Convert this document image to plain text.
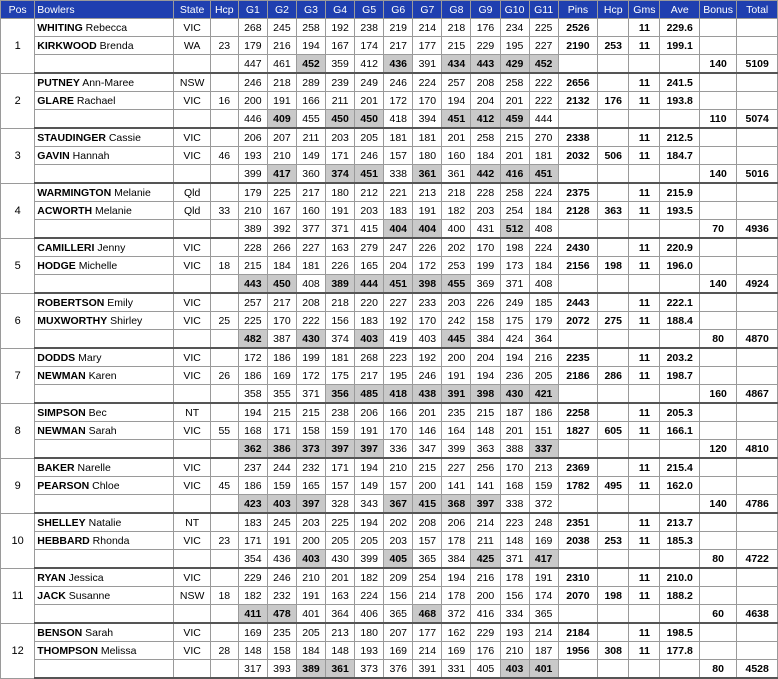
Pos	Bowlers	State	Hcp	G1	G2	G3	G4	G5	G6	G7	G8	G9	G10	G11	Pins	Hcp	Gms	Ave	Bonus	Total
1	WHITING Rebecca	VIC		268	245	258	192	238	219	214	218	176	234	225	2526		11	229.6		
	KIRKWOOD Brenda	WA	23	179	216	194	167	174	217	177	215	229	195	227	2190	253	11	199.1		
				447	461	452	359	412	436	391	434	443	429	452					140	5109
2	PUTNEY Ann-Maree	NSW		246	218	289	239	249	246	224	257	208	258	222	2656		11	241.5		
	GLARE Rachael	VIC	16	200	191	166	211	201	172	170	194	204	201	222	2132	176	11	193.8		
				446	409	455	450	450	418	394	451	412	459	444					110	5074
3	STAUDINGER Cassie	VIC		206	207	211	203	205	181	181	201	258	215	270	2338		11	212.5		
	GAVIN Hannah	VIC	46	193	210	149	171	246	157	180	160	184	201	181	2032	506	11	184.7		
				399	417	360	374	451	338	361	361	442	416	451					140	5016
4	WARMINGTON Melanie	Qld		179	225	217	180	212	221	213	218	228	258	224	2375		11	215.9		
	ACWORTH Melanie	Qld	33	210	167	160	191	203	183	191	182	203	254	184	2128	363	11	193.5		
				389	392	377	371	415	404	404	400	431	512	408					70	4936
5	CAMILLERI Jenny	VIC		228	266	227	163	279	247	226	202	170	198	224	2430		11	220.9		
	HODGE Michelle	VIC	18	215	184	181	226	165	204	172	253	199	173	184	2156	198	11	196.0		
				443	450	408	389	444	451	398	455	369	371	408					140	4924
6	ROBERTSON Emily	VIC		257	217	208	218	220	227	233	203	226	249	185	2443		11	222.1		
	MUXWORTHY Shirley	VIC	25	225	170	222	156	183	192	170	242	158	175	179	2072	275	11	188.4		
				482	387	430	374	403	419	403	445	384	424	364					80	4870
7	DODDS Mary	VIC		172	186	199	181	268	223	192	200	204	194	216	2235		11	203.2		
	NEWMAN Karen	VIC	26	186	169	172	175	217	195	246	191	194	236	205	2186	286	11	198.7		
				358	355	371	356	485	418	438	391	398	430	421					160	4867
8	SIMPSON Bec	NT		194	215	215	238	206	166	201	235	215	187	186	2258		11	205.3		
	NEWMAN Sarah	VIC	55	168	171	158	159	191	170	146	164	148	201	151	1827	605	11	166.1		
				362	386	373	397	397	336	347	399	363	388	337					120	4810
9	BAKER Narelle	VIC		237	244	232	171	194	210	215	227	256	170	213	2369		11	215.4		
	PEARSON Chloe	VIC	45	186	159	165	157	149	157	200	141	141	168	159	1782	495	11	162.0		
				423	403	397	328	343	367	415	368	397	338	372					140	4786
10	SHELLEY Natalie	NT		183	245	203	225	194	202	208	206	214	223	248	2351		11	213.7		
	HEBBARD Rhonda	VIC	23	171	191	200	205	205	203	157	178	211	148	169	2038	253	11	185.3		
				354	436	403	430	399	405	365	384	425	371	417					80	4722
11	RYAN Jessica	VIC		229	246	210	201	182	209	254	194	216	178	191	2310		11	210.0		
	JACK Susanne	NSW	18	182	232	191	163	224	156	214	178	200	156	174	2070	198	11	188.2		
				411	478	401	364	406	365	468	372	416	334	365					60	4638
12	BENSON Sarah	VIC		169	235	205	213	180	207	177	162	229	193	214	2184		11	198.5		
	THOMPSON Melissa	VIC	28	148	158	184	148	193	169	214	169	176	210	187	1956	308	11	177.8		
				317	393	389	361	373	376	391	331	405	403	401					80	4528
